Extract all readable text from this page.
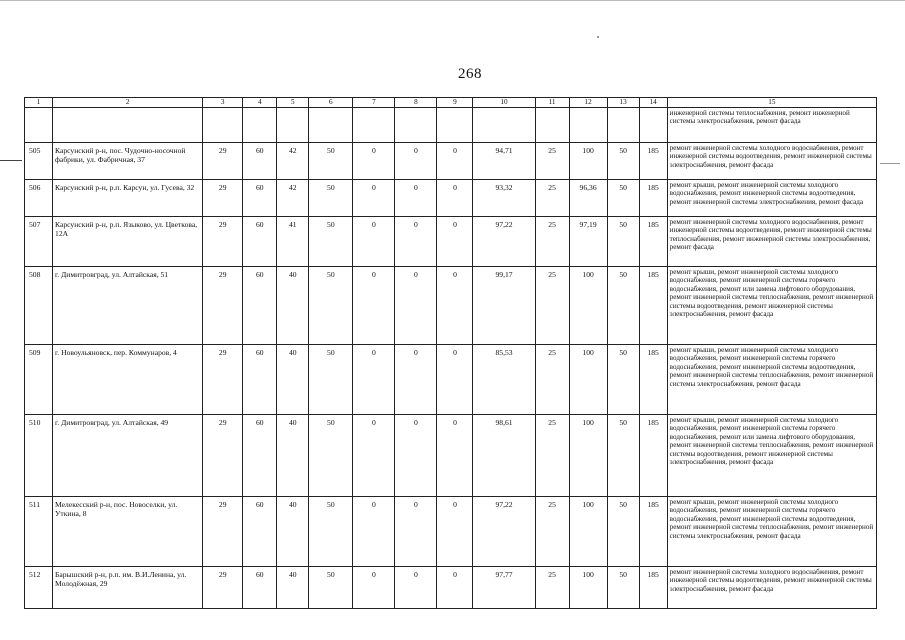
268
1	2	3	4	5	6	7	8	9	10	11	12	13	14	15
														инженерной системы теплоснабжения, ремонт инженерной системы электроснабжения, ремонт фасада
505	Карсунский р-н, пос. Чудочно-носочной фабрики, ул. Фабричная, 37	29	60	42	50	0	0	0	94,71	25	100	50	185	ремонт инженерной системы холодного водоснабжения, ремонт инженерной системы водоотведения, ремонт инженерной системы электроснабжения, ремонт фасада
506	Карсунский р-н, р.п. Карсун, ул. Гусева, 32	29	60	42	50	0	0	0	93,32	25	96,36	50	185	ремонт крыши, ремонт инженерной системы холодного водоснабжения, ремонт инженерной системы водоотведения, ремонт инженерной системы электроснабжения, ремонт фасада
507	Карсунский р-н, р.п. Языково, ул. Цветкова, 12А	29	60	41	50	0	0	0	97,22	25	97,19	50	185	ремонт инженерной системы холодного водоснабжения, ремонт инженерной системы водоотведения, ремонт инженерной системы теплоснабжения, ремонт инженерной системы электроснабжения, ремонт фасада
508	г. Димитровград, ул. Алтайская, 51	29	60	40	50	0	0	0	99,17	25	100	50	185	ремонт крыши, ремонт инженерной системы холодного водоснабжения, ремонт инженерной системы горячего водоснабжения, ремонт или замена лифтового оборудования, ремонт инженерной системы теплоснабжения, ремонт инженерной системы водоотведения, ремонт инженерной системы электроснабжения, ремонт фасада
509	г. Новоульяновск, пер. Коммунаров, 4	29	60	40	50	0	0	0	85,53	25	100	50	185	ремонт крыши, ремонт инженерной системы холодного водоснабжения, ремонт инженерной системы горячего водоснабжения, ремонт инженерной системы водоотведения, ремонт инженерной системы теплоснабжения, ремонт инженерной системы электроснабжения, ремонт фасада
510	г. Димитровград, ул. Алтайская, 49	29	60	40	50	0	0	0	98,61	25	100	50	185	ремонт крыши, ремонт инженерной системы холодного водоснабжения, ремонт инженерной системы горячего водоснабжения, ремонт или замена лифтового оборудования, ремонт инженерной системы теплоснабжения, ремонт инженерной системы водоотведения, ремонт инженерной системы электроснабжения, ремонт фасада
511	Мелекесский р-н, пос. Новоселки, ул. Уткина, 8	29	60	40	50	0	0	0	97,22	25	100	50	185	ремонт крыши, ремонт инженерной системы холодного водоснабжения, ремонт инженерной системы горячего водоснабжения, ремонт инженерной системы водоотведения, ремонт инженерной системы теплоснабжения, ремонт инженерной системы электроснабжения, ремонт фасада
512	Барышский р-н, р.п. им. В.И.Ленина, ул. Молодёжная, 29	29	60	40	50	0	0	0	97,77	25	100	50	185	ремонт инженерной системы холодного водоснабжения, ремонт инженерной системы водоотведения, ремонт инженерной системы электроснабжения, ремонт фасада
